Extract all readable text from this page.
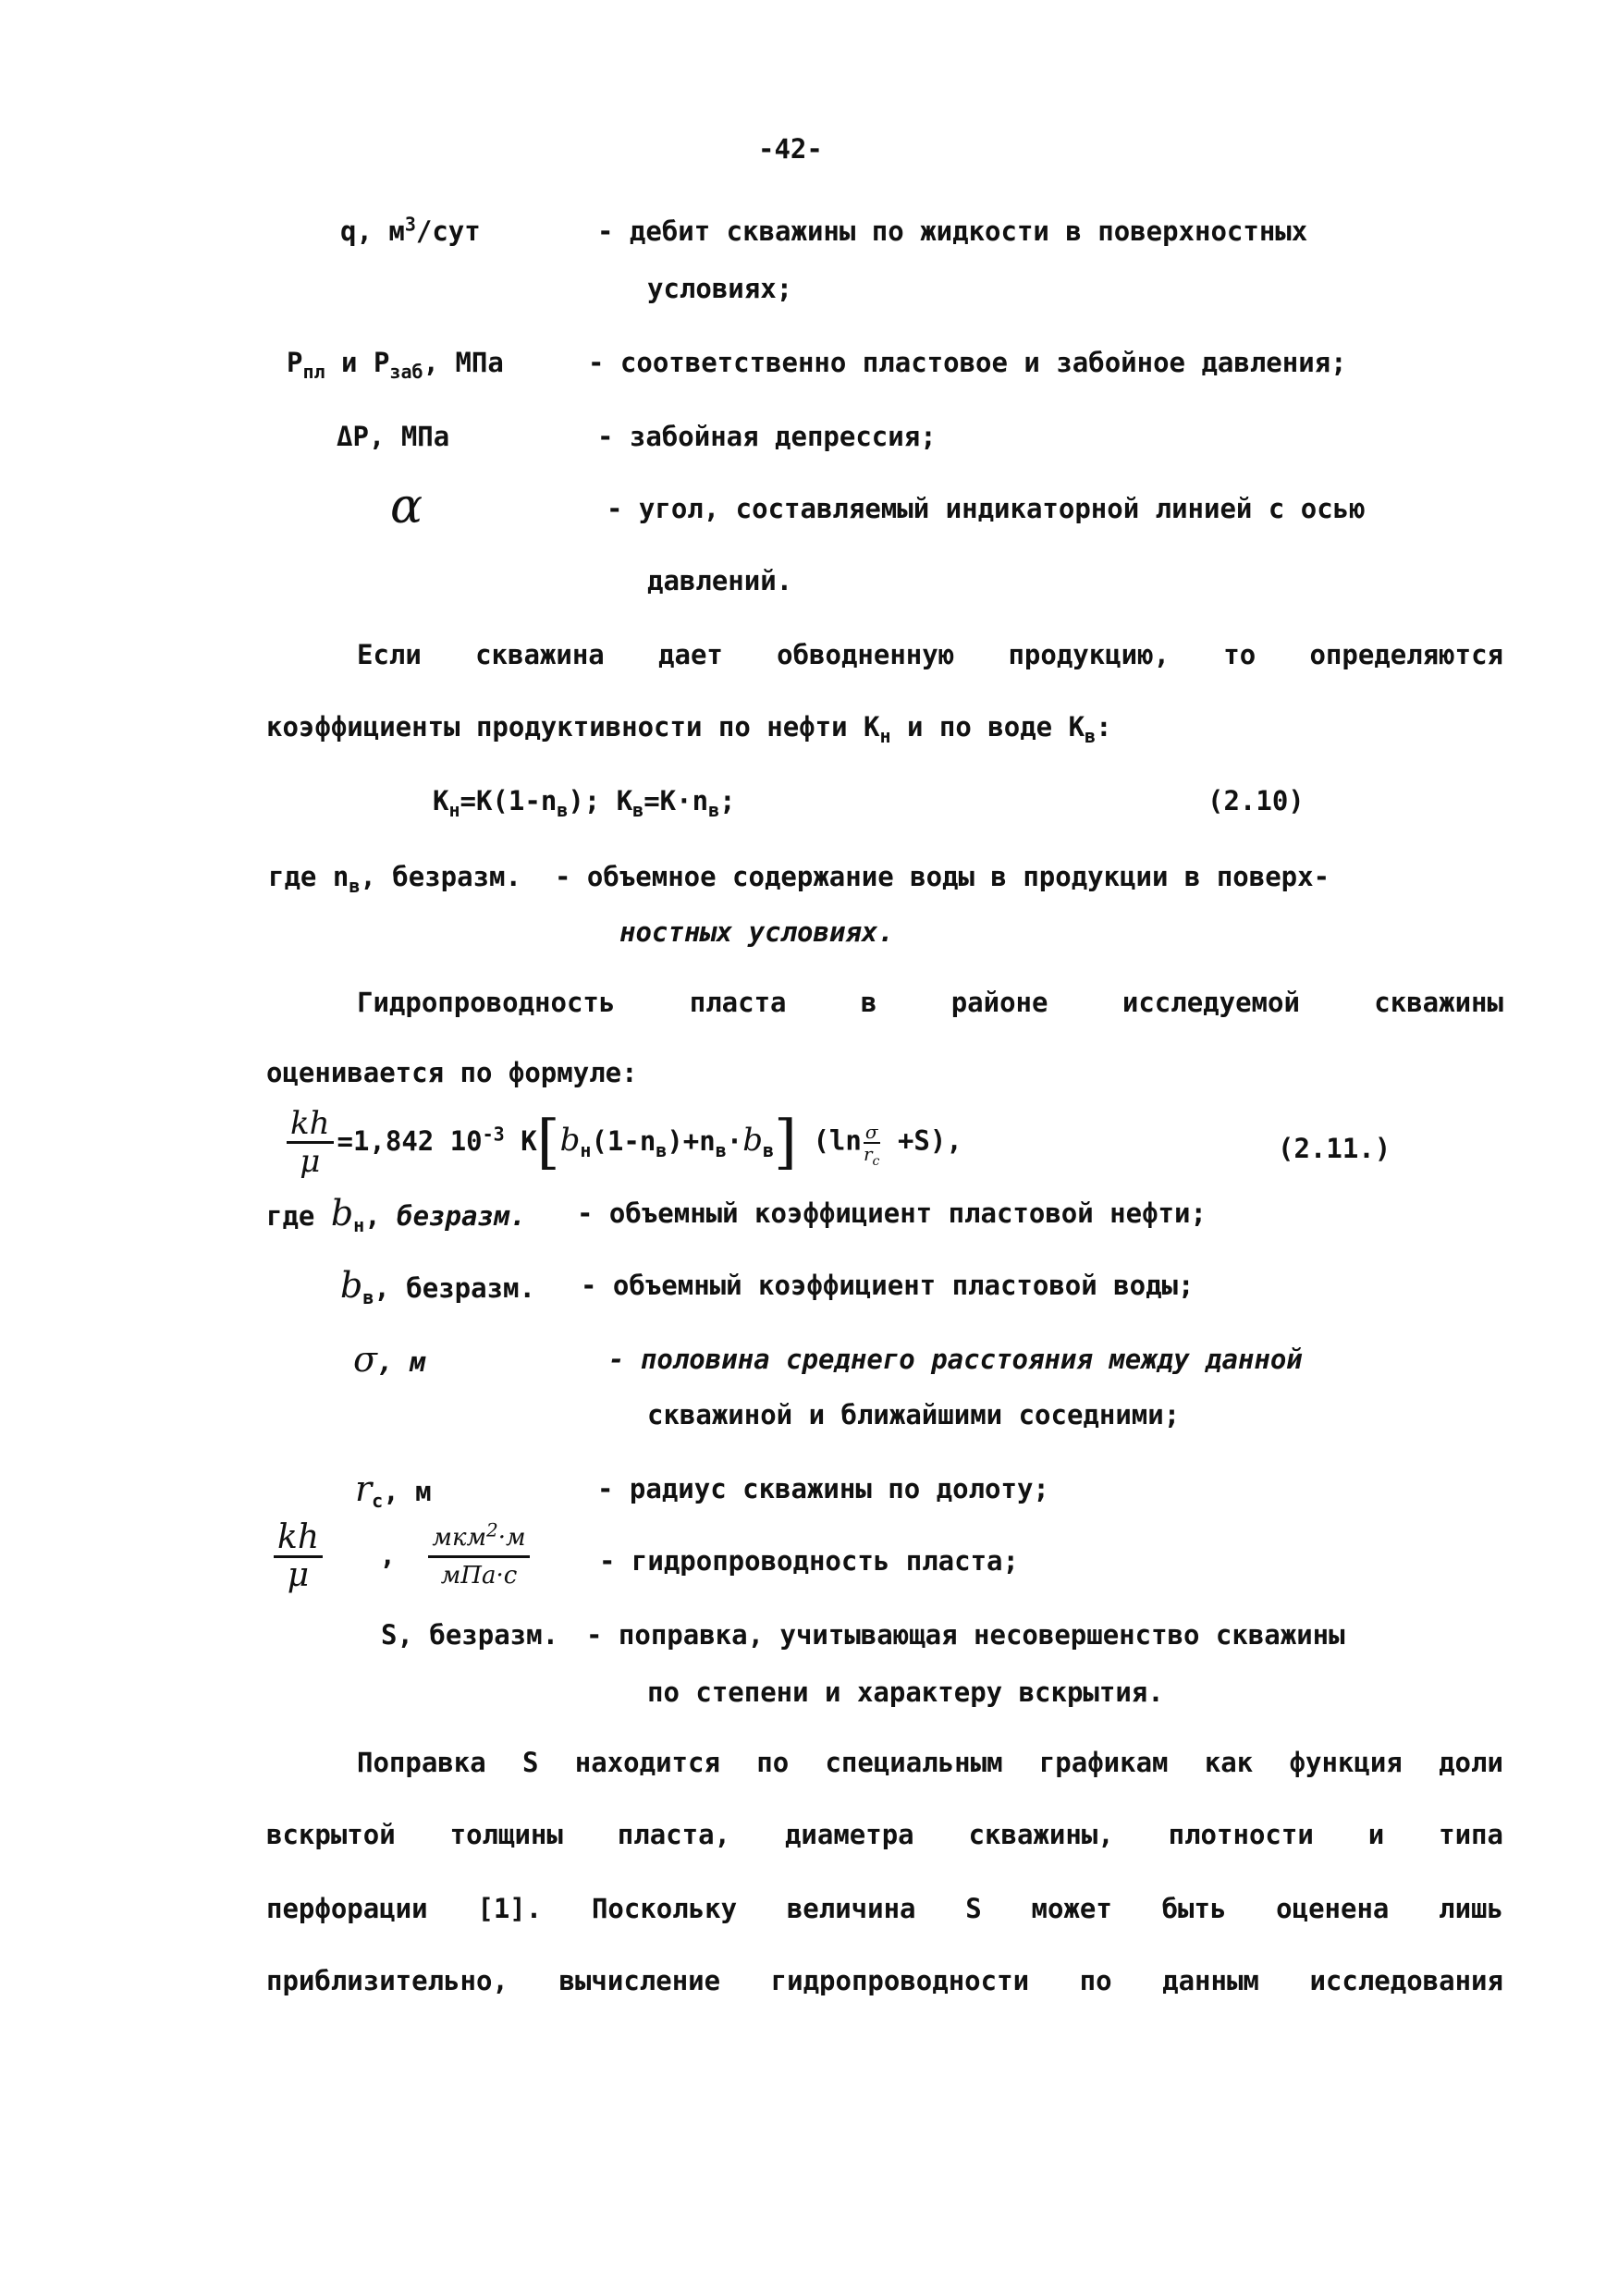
-42-
q, $м^3$/сут	- дебит скважины по жидкости в поверхностных
условиях;
$Р_{пл}$ и $Р_{заб}$, МПа	- соответственно пластовое и забойное давления;
ΔP, МПа	- забойная депрессия;
α	- угол, составляемый индикаторной линией с осью
давлений.
Если скважина дает обводненную продукцию, то определяются
коэффициенты продуктивности по нефти $К_н$ и по воде $К_в$:
$К_н=К(1-n_в)$; $К_в=К\cdot n_в$;	(2.10)
где $n_в$, безразм. - объемное содержание воды в продукции в поверх-
ностных условиях.
Гидропроводность	пласта	в	районе	исследуемой	скважины
оценивается по формуле:
$\frac{kh}{\mu} =1,842$ $10^{-3}$ $К[b_н(1-n_в)+n_в\cdot b_в]$ $(\ln \frac{\sigma}{r_c} +S)$,	(2.11.)
где $b_н$, безразм. - объемный коэффициент пластовой нефти;
$b_в$, безразм. - объемный коэффициент пластовой воды;
σ, м	- половина среднего расстояния между данной
скважиной и ближайшими соседними;
$r_c$, м	- радиус скважины по долоту;
$\frac{kh}{\mu}$ , $\frac{мкм^2\cdot м}{\text{мПа·с}}$	- гидропроводность пласта;
S, безразм. - поправка, учитывающая несовершенство скважины
по степени и характеру вскрытия.
Поправка S находится по специальным графикам как функция доли
вскрытой толщины пласта, диаметра скважины, плотности и типа
перфорации [1]. Поскольку величина S может быть оценена лишь
приблизительно, вычисление гидропроводности по данным исследования
